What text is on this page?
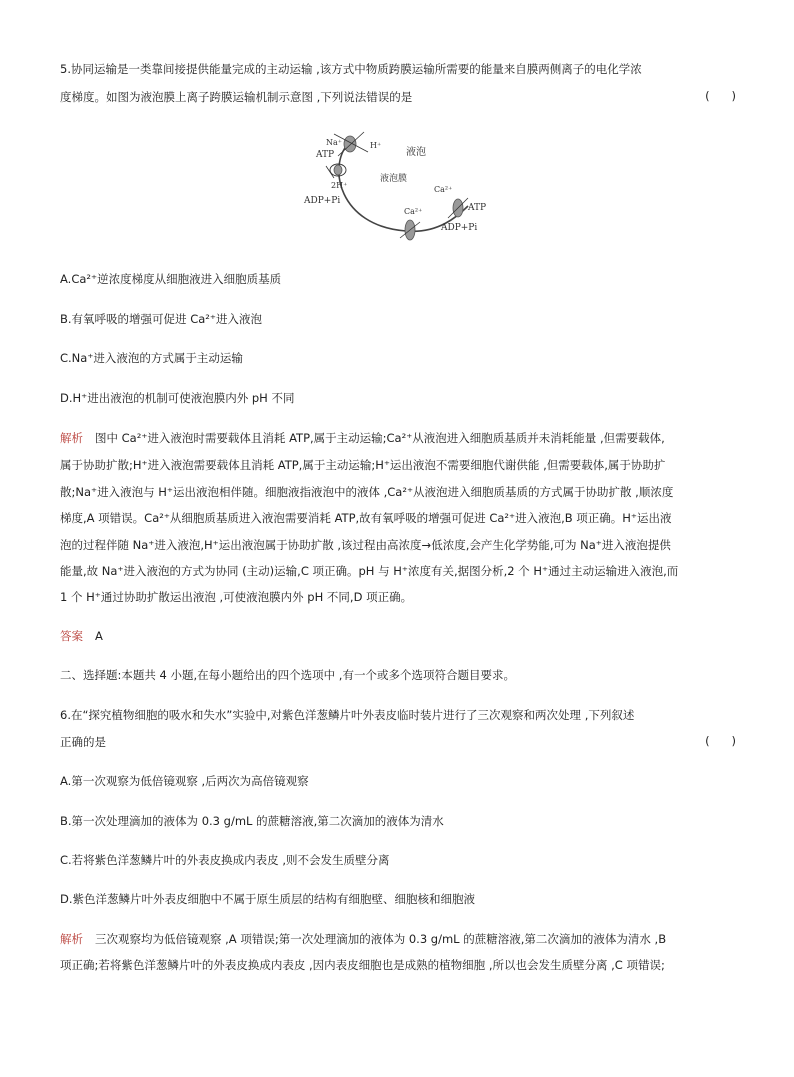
5.协同运输是一类靠间接提供能量完成的主动运输 ,该方式中物质跨膜运输所需要的能量来自膜两侧离子的电化学浓
度梯度。如图为液泡膜上离子跨膜运输机制示意图 ,下列说法错误的是	(      )
Na⁺	H⁺
ATP
2H⁺
ADP+Pi
液泡
液泡膜
Ca²⁺
Ca²⁺	ATP
ADP+Pi
A.Ca²⁺逆浓度梯度从细胞液进入细胞质基质
B.有氧呼吸的增强可促进 Ca²⁺进入液泡
C.Na⁺进入液泡的方式属于主动运输
D.H⁺进出液泡的机制可使液泡膜内外 pH 不同
解析 图中 Ca²⁺进入液泡时需要载体且消耗 ATP,属于主动运输;Ca²⁺从液泡进入细胞质基质并未消耗能量 ,但需要载体,
属于协助扩散;H⁺进入液泡需要载体且消耗 ATP,属于主动运输;H⁺运出液泡不需要细胞代谢供能 ,但需要载体,属于协助扩
散;Na⁺进入液泡与 H⁺运出液泡相伴随。细胞液指液泡中的液体 ,Ca²⁺从液泡进入细胞质基质的方式属于协助扩散 ,顺浓度
梯度,A 项错误。Ca²⁺从细胞质基质进入液泡需要消耗 ATP,故有氧呼吸的增强可促进 Ca²⁺进入液泡,B 项正确。H⁺运出液
泡的过程伴随 Na⁺进入液泡,H⁺运出液泡属于协助扩散 ,该过程由高浓度→低浓度,会产生化学势能,可为 Na⁺进入液泡提供
能量,故 Na⁺进入液泡的方式为协同 (主动)运输,C 项正确。pH 与 H⁺浓度有关,据图分析,2 个 H⁺通过主动运输进入液泡,而
1 个 H⁺通过协助扩散运出液泡 ,可使液泡膜内外 pH 不同,D 项正确。
答案 A
二、选择题:本题共 4 小题,在每小题给出的四个选项中 ,有一个或多个选项符合题目要求。
6.在“探究植物细胞的吸水和失水”实验中,对紫色洋葱鳞片叶外表皮临时装片进行了三次观察和两次处理 ,下列叙述
正确的是	(      )
A.第一次观察为低倍镜观察 ,后两次为高倍镜观察
B.第一次处理滴加的液体为 0.3 g/mL 的蔗糖溶液,第二次滴加的液体为清水
C.若将紫色洋葱鳞片叶的外表皮换成内表皮 ,则不会发生质壁分离
D.紫色洋葱鳞片叶外表皮细胞中不属于原生质层的结构有细胞壁、细胞核和细胞液
解析 三次观察均为低倍镜观察 ,A 项错误;第一次处理滴加的液体为 0.3 g/mL 的蔗糖溶液,第二次滴加的液体为清水 ,B
项正确;若将紫色洋葱鳞片叶的外表皮换成内表皮 ,因内表皮细胞也是成熟的植物细胞 ,所以也会发生质壁分离 ,C 项错误;
